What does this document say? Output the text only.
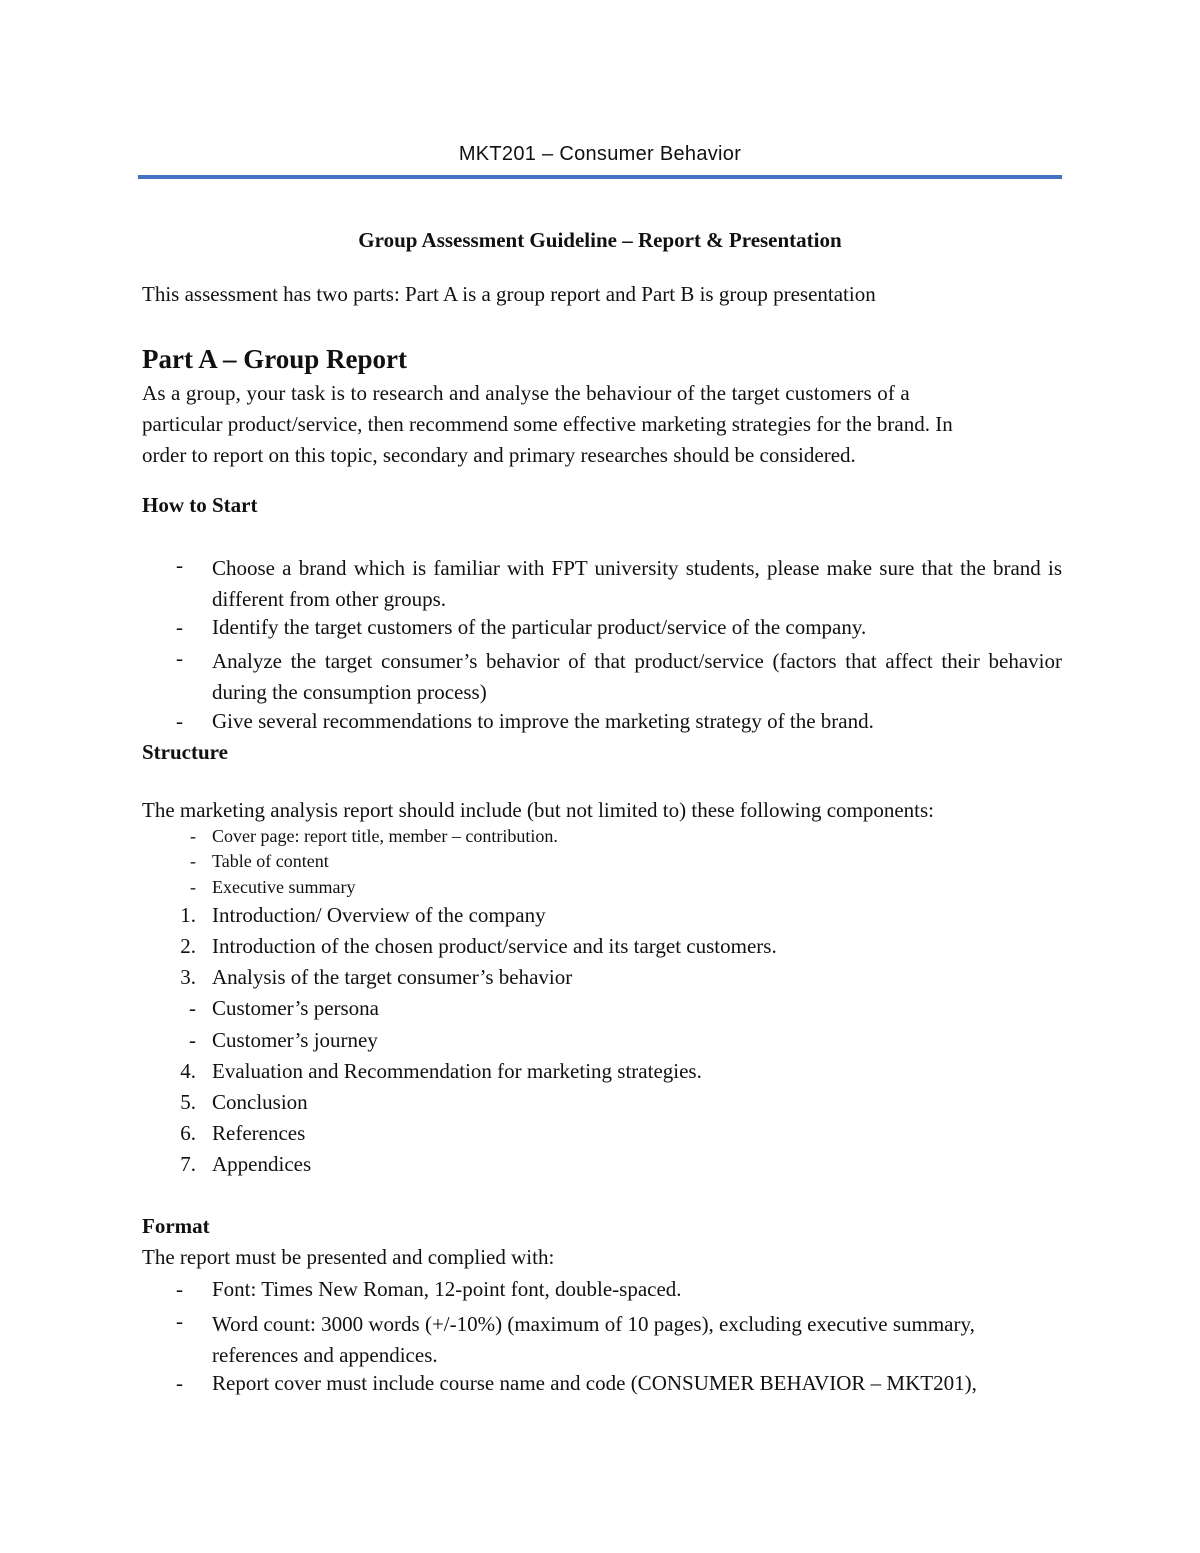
MKT201 – Consumer Behavior
Group Assessment Guideline – Report & Presentation
This assessment has two parts: Part A is a group report and Part B is group presentation
Part A – Group Report
As a group, your task is to research and analyse the behaviour of the target customers of a
particular product/service, then recommend some effective marketing strategies for the brand. In
order to report on this topic, secondary and primary researches should be considered.
How to Start
-	Choose a brand which is familiar with FPT university students, please make sure that the brand is different from other groups.
-	Identify the target customers of the particular product/service of the company.
-	Analyze the target consumer’s behavior of that product/service (factors that affect their behavior during the consumption process)
-	Give several recommendations to improve the marketing strategy of the brand.
Structure
The marketing analysis report should include (but not limited to) these following components:
- Cover page: report title, member – contribution.
- Table of content
- Executive summary
1. Introduction/ Overview of the company
2. Introduction of the chosen product/service and its target customers.
3. Analysis of the target consumer’s behavior
- Customer’s persona
- Customer’s journey
4. Evaluation and Recommendation for marketing strategies.
5. Conclusion
6. References
7. Appendices
Format
The report must be presented and complied with:
-	Font: Times New Roman, 12-point font, double-spaced.
-	Word count: 3000 words (+/-10%) (maximum of 10 pages), excluding executive summary, references and appendices.
-	Report cover must include course name and code (CONSUMER BEHAVIOR – MKT201),
